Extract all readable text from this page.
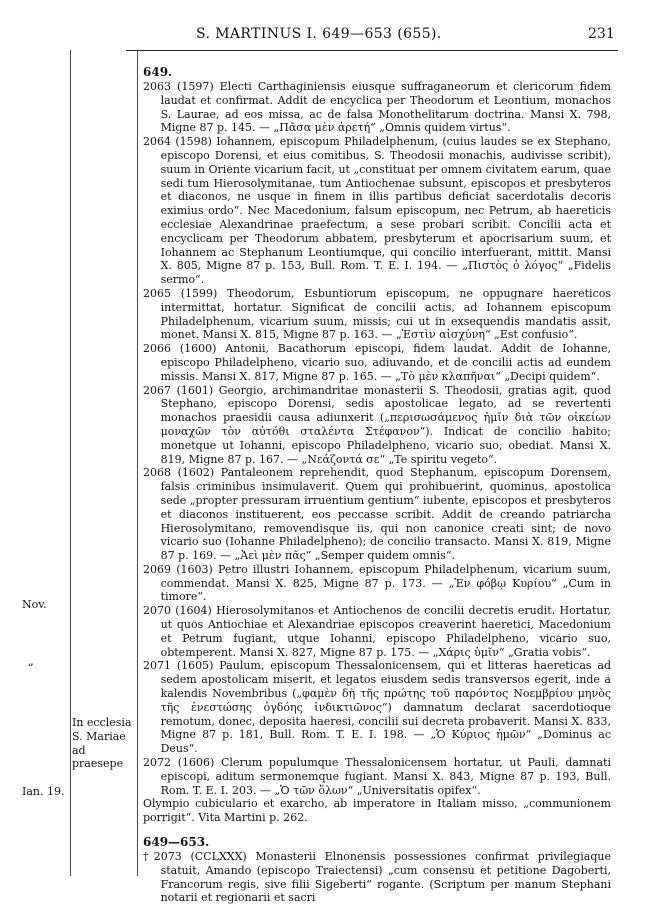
S. MARTINUS I. 649—653 (655).	231
Nov.
„
Ian. 19.
In ecclesia
S. Mariae
ad praesepe
649.

2063 (1597) Electi Carthaginiensis eiusque suffraganeorum et clericorum fidem laudat et confirmat. Addit de encyclica per Theodorum et Leontium, monachos S. Laurae, ad eos missa, ac de falsa Monothelitarum doctrina. Mansi X. 798, Migne 87 p. 145. — „Πᾶσα μὲν ἀρετή“ „Omnis quidem virtus“.

2064 (1598) Iohannem, episcopum Philadelphenum, (cuius laudes se ex Stephano, episcopo Dorensi, et eius comitibus, S. Theodosii monachis, audivisse scribit), suum in Oriente vicarium facit, ut „constituat per omnem civitatem earum, quae sedi tum Hierosolymitanae, tum Antiochenae subsunt, episcopos et presbyteros et diaconos, ne usque in finem in illis partibus deficiat sacerdotalis decoris eximius ordo“. Nec Macedonium, falsum episcopum, nec Petrum, ab haereticis ecclesiae Alexandrinae praefectum, a sese probari scribit. Concilii acta et encyclicam per Theodorum abbatem, presbyterum et apocrisarium suum, et Iohannem ac Stephanum Leontiumque, qui concilio interfuerant, mittit. Mansi X. 805, Migne 87 p. 153, Bull. Rom. T. E. I. 194. — „Πιστὸς ὁ λόγος“ „Fidelis sermo“.

2065 (1599) Theodorum, Esbuntiorum episcopum, ne oppugnare haereticos intermittat, hortatur. Significat de concilii actis, ad Iohannem episcopum Philadelphenum, vicarium suum, missis; cui ut in exsequendis mandatis assit, monet. Mansi X. 815, Migne 87 p. 163. — „Ἐστὶν αἰσχύνη“ „Est confusio“.

2066 (1600) Antonii, Bacathorum episcopi, fidem laudat. Addit de Iohanne, episcopo Philadelpheno, vicario suo, adiuvando, et de concilii actis ad eundem missis. Mansi X. 817, Migne 87 p. 165. — „Τὸ μὲν κλαπῆναι“ „Decipi quidem“.

2067 (1601) Georgio, archimandritae monasterii S. Theodosii, gratias agit, quod Stephano, episcopo Dorensi, sedis apostolicae legato, ad se revertenti monachos praesidii causa adiunxerit („περισωσάμενος ἡμῖν διὰ τῶν οἰκείων μοναχῶν τὸν αὐτόθι σταλέντα Στέφανον“). Indicat de concilio habito; monetque ut Iohanni, episcopo Philadelpheno, vicario suo, obediat. Mansi X. 819, Migne 87 p. 167. — „Νεάζοντά σε“ „Te spiritu vegeto“.

2068 (1602) Pantaleonem reprehendit, quod Stephanum, episcopum Dorensem, falsis criminibus insimulaverit. Quem qui prohibuerint, quominus, apostolica sede „propter pressuram irruentium gentium“ iubente, episcopos et presbyteros et diaconos instituerent, eos peccasse scribit. Addit de creando patriarcha Hierosolymitano, removendisque iis, qui non canonice creati sint; de novo vicario suo (Iohanne Philadelpheno); de concilio transacto. Mansi X. 819, Migne 87 p. 169. — „Ἀεὶ μὲν πᾶς“ „Semper quidem omnis“.

2069 (1603) Petro illustri Iohannem, episcopum Philadelphenum, vicarium suum, commendat. Mansi X. 825, Migne 87 p. 173. — „Ἐν φόβῳ Κυρίου“ „Cum in timore“.

2070 (1604) Hierosolymitanos et Antiochenos de concilii decretis erudit. Hortatur, ut quos Antiochiae et Alexandriae episcopos creaverint haeretici, Macedonium et Petrum fugiant, utque Iohanni, episcopo Philadelpheno, vicario suo, obtemperent. Mansi X. 827, Migne 87 p. 175. — „Χάρις ὑμῖν“ „Gratia vobis“.

2071 (1605) Paulum, episcopum Thessalonicensem, qui et litteras haereticas ad sedem apostolicam miserit, et legatos eiusdem sedis transversos egerit, inde a kalendis Novembribus („φαμὲν δὴ τῆς πρώτης τοῦ παρόντος Νοεμβρίου μηνὸς τῆς ἐνεστώσης ὀγδόης ἰνδικτιῶνος“) damnatum declarat sacerdotioque remotum, donec, deposita haeresi, concilii sui decreta probaverit. Mansi X. 833, Migne 87 p. 181, Bull. Rom. T. E. I. 198. — „Ὁ Κύριος ἡμῶν“ „Dominus ac Deus“.

2072 (1606) Clerum populumque Thessalonicensem hortatur, ut Pauli, damnati episcopi, aditum sermonemque fugiant. Mansi X. 843, Migne 87 p. 193, Bull. Rom. T. E. I. 203. — „Ὁ τῶν ὅλων“ „Universitatis opifex“.

Olympio cubiculario et exarcho, ab imperatore in Italiam misso, „communionem porrigit“. Vita Martini p. 262.

649—653.

†2073 (CCLXXX) Monasterii Elnonensis possessiones confirmat privilegiaque statuit, Amando (episcopo Traiectensi) „cum consensu et petitione Dagoberti, Francorum regis, sive filii Sigeberti“ rogante. (Scriptum per manum Stephani notarii et regionarii et sacri
